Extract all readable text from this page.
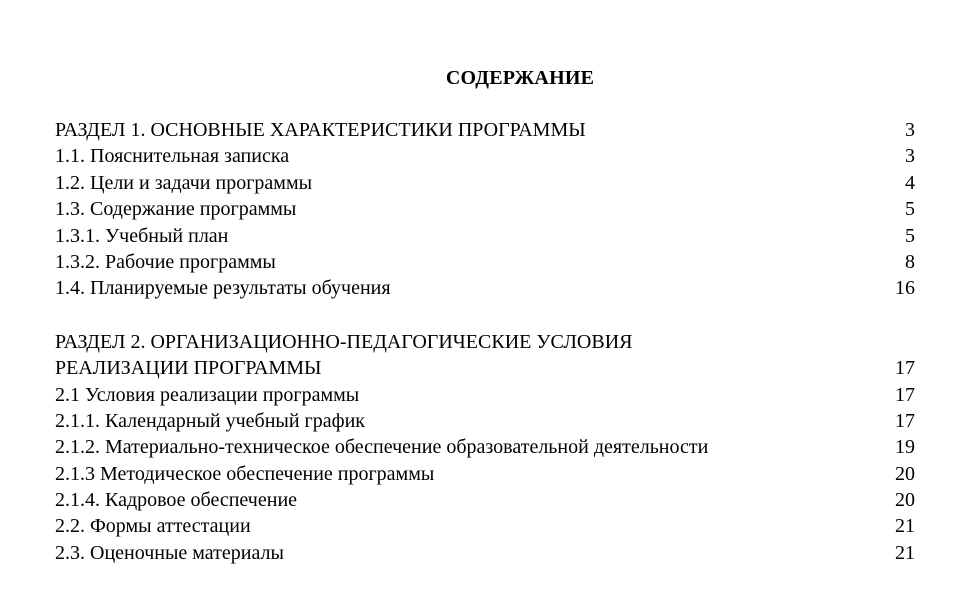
СОДЕРЖАНИЕ
РАЗДЕЛ 1. ОСНОВНЫЕ ХАРАКТЕРИСТИКИ ПРОГРАММЫ	3
1.1. Пояснительная записка	3
1.2. Цели и задачи программы	4
1.3. Содержание программы	5
1.3.1. Учебный план	5
1.3.2. Рабочие программы	8
1.4. Планируемые результаты обучения	16
РАЗДЕЛ 2. ОРГАНИЗАЦИОННО-ПЕДАГОГИЧЕСКИЕ УСЛОВИЯ
РЕАЛИЗАЦИИ ПРОГРАММЫ	17
2.1 Условия реализации программы	17
2.1.1. Календарный учебный график	17
2.1.2. Материально-техническое обеспечение образовательной деятельности	19
2.1.3 Методическое обеспечение программы	20
2.1.4. Кадровое обеспечение	20
2.2. Формы аттестации	21
2.3. Оценочные материалы	21
